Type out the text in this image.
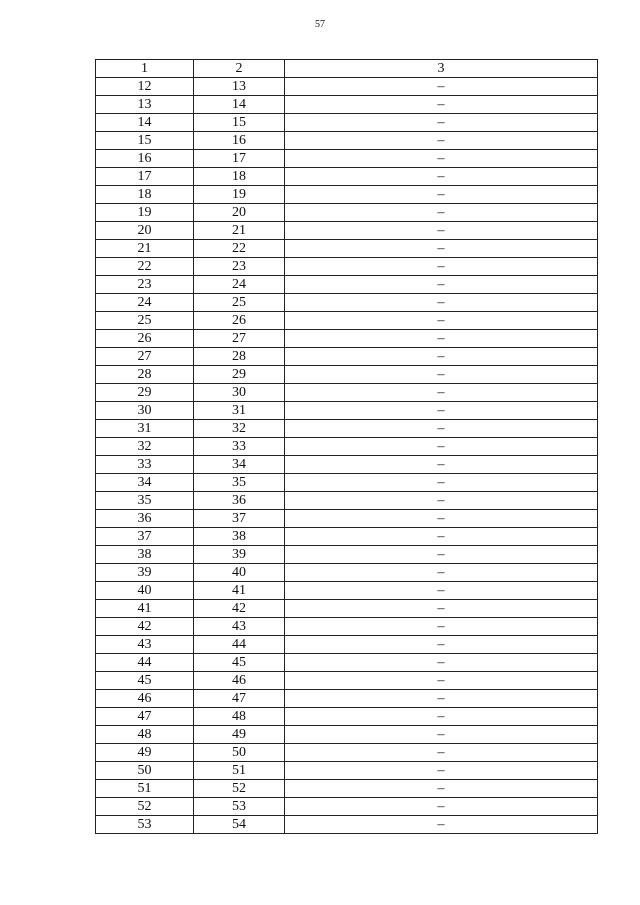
57
1	2	3
12	13	–
13	14	–
14	15	–
15	16	–
16	17	–
17	18	–
18	19	–
19	20	–
20	21	–
21	22	–
22	23	–
23	24	–
24	25	–
25	26	–
26	27	–
27	28	–
28	29	–
29	30	–
30	31	–
31	32	–
32	33	–
33	34	–
34	35	–
35	36	–
36	37	–
37	38	–
38	39	–
39	40	–
40	41	–
41	42	–
42	43	–
43	44	–
44	45	–
45	46	–
46	47	–
47	48	–
48	49	–
49	50	–
50	51	–
51	52	–
52	53	–
53	54	–
